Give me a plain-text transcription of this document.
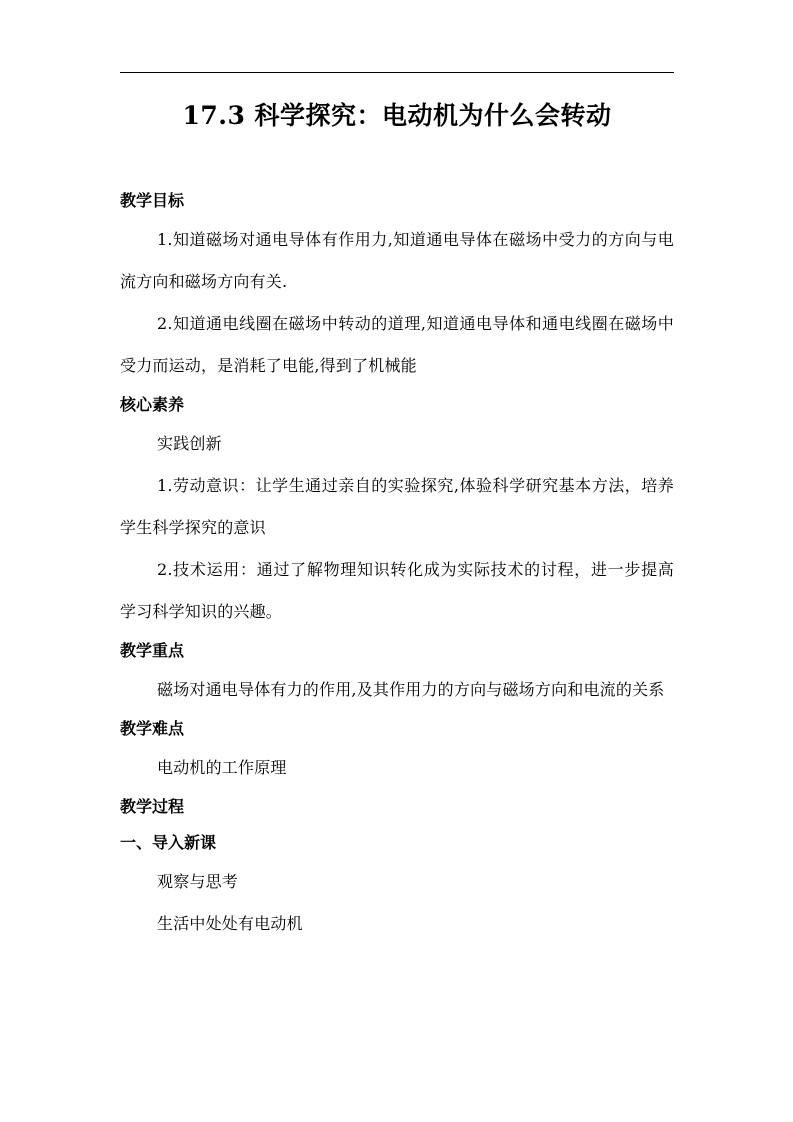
17.3 科学探究：电动机为什么会转动
教学目标

1.知道磁场对通电导体有作用力,知道通电导体在磁场中受力的方向与电流方向和磁场方向有关.

2.知道通电线圈在磁场中转动的道理,知道通电导体和通电线圈在磁场中受力而运动，是消耗了电能,得到了机械能

核心素养

实践创新

1.劳动意识：让学生通过亲自的实验探究,体验科学研究基本方法，培养学生科学探究的意识

2.技术运用：通过了解物理知识转化成为实际技术的讨程，进一步提高学习科学知识的兴趣。

教学重点

磁场对通电导体有力的作用,及其作用力的方向与磁场方向和电流的关系

教学难点

电动机的工作原理

教学过程
一、导入新课

观察与思考

生活中处处有电动机
